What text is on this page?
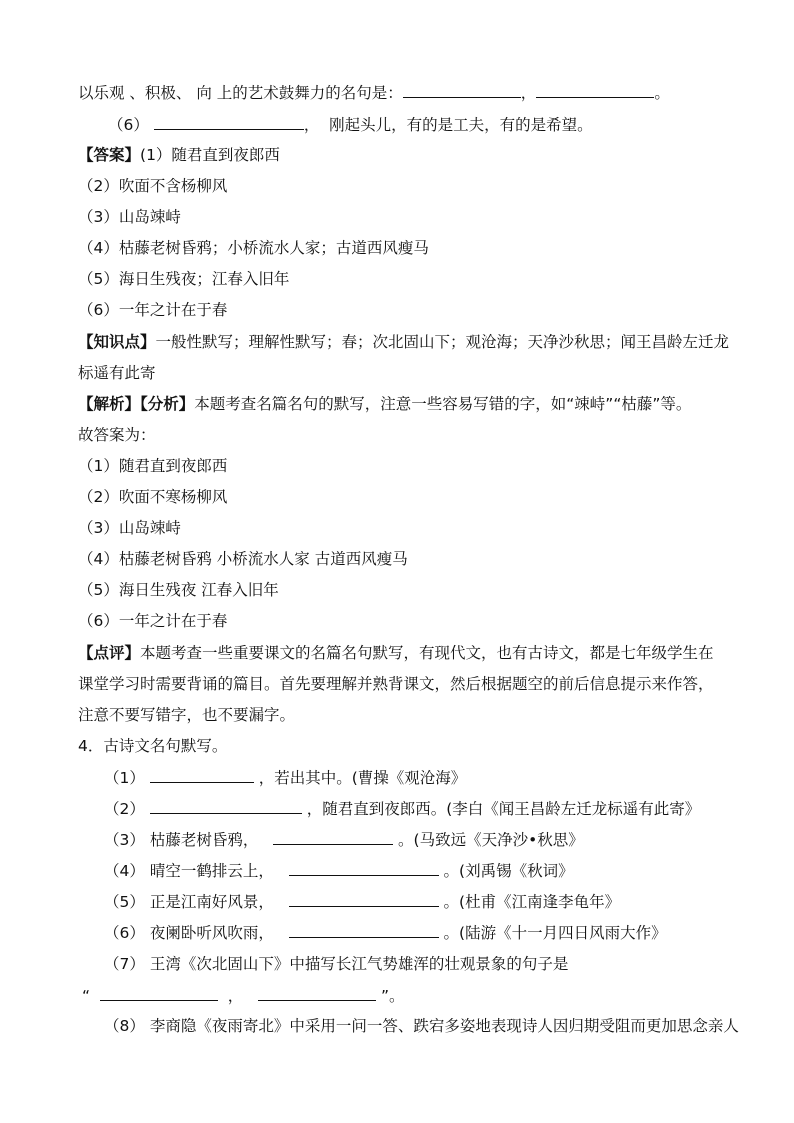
以乐观 、积极、 向 上的艺术鼓舞力的名句是：	，	。
（6）	，  刚起头儿，有的是工夫，有的是希望。
【答案】(1）随君直到夜郎西
（2）吹面不含杨柳风
（3）山岛竦峙
（4）枯藤老树昏鸦；小桥流水人家；古道西风瘦马
（5）海日生残夜；江春入旧年
（6）一年之计在于春
【知识点】一般性默写；理解性默写；春；次北固山下；观沧海；天净沙秋思；闻王昌龄左迁龙
标遥有此寄
【解析】【分析】本题考查名篇名句的默写，注意一些容易写错的字，如“竦峙”“枯藤”等。
故答案为：
（1）随君直到夜郎西
（2）吹面不寒杨柳风
（3）山岛竦峙
（4）枯藤老树昏鸦 小桥流水人家 古道西风瘦马
（5）海日生残夜 江春入旧年
（6）一年之计在于春
【点评】本题考查一些重要课文的名篇名句默写，有现代文，也有古诗文，都是七年级学生在
课堂学习时需要背诵的篇目。首先要理解并熟背课文，然后根据题空的前后信息提示来作答，
注意不要写错字，也不要漏字。
4．古诗文名句默写。
（1）	，若出其中。(曹操《观沧海》
（2）	，随君直到夜郎西。(李白《闻王昌龄左迁龙标遥有此寄》
（3） 枯藤老树昏鸦，	。(马致远《天净沙•秋思》
（4） 晴空一鹤排云上，	。(刘禹锡《秋词》
（5） 正是江南好风景，	。(杜甫《江南逢李龟年》
（6） 夜阑卧听风吹雨，	。(陆游《十一月四日风雨大作》
（7） 王湾《次北固山下》中描写长江气势雄浑的壮观景象的句子是
“	，	”。
（8） 李商隐《夜雨寄北》中采用一问一答、跌宕多姿地表现诗人因归期受阻而更加思念亲人
